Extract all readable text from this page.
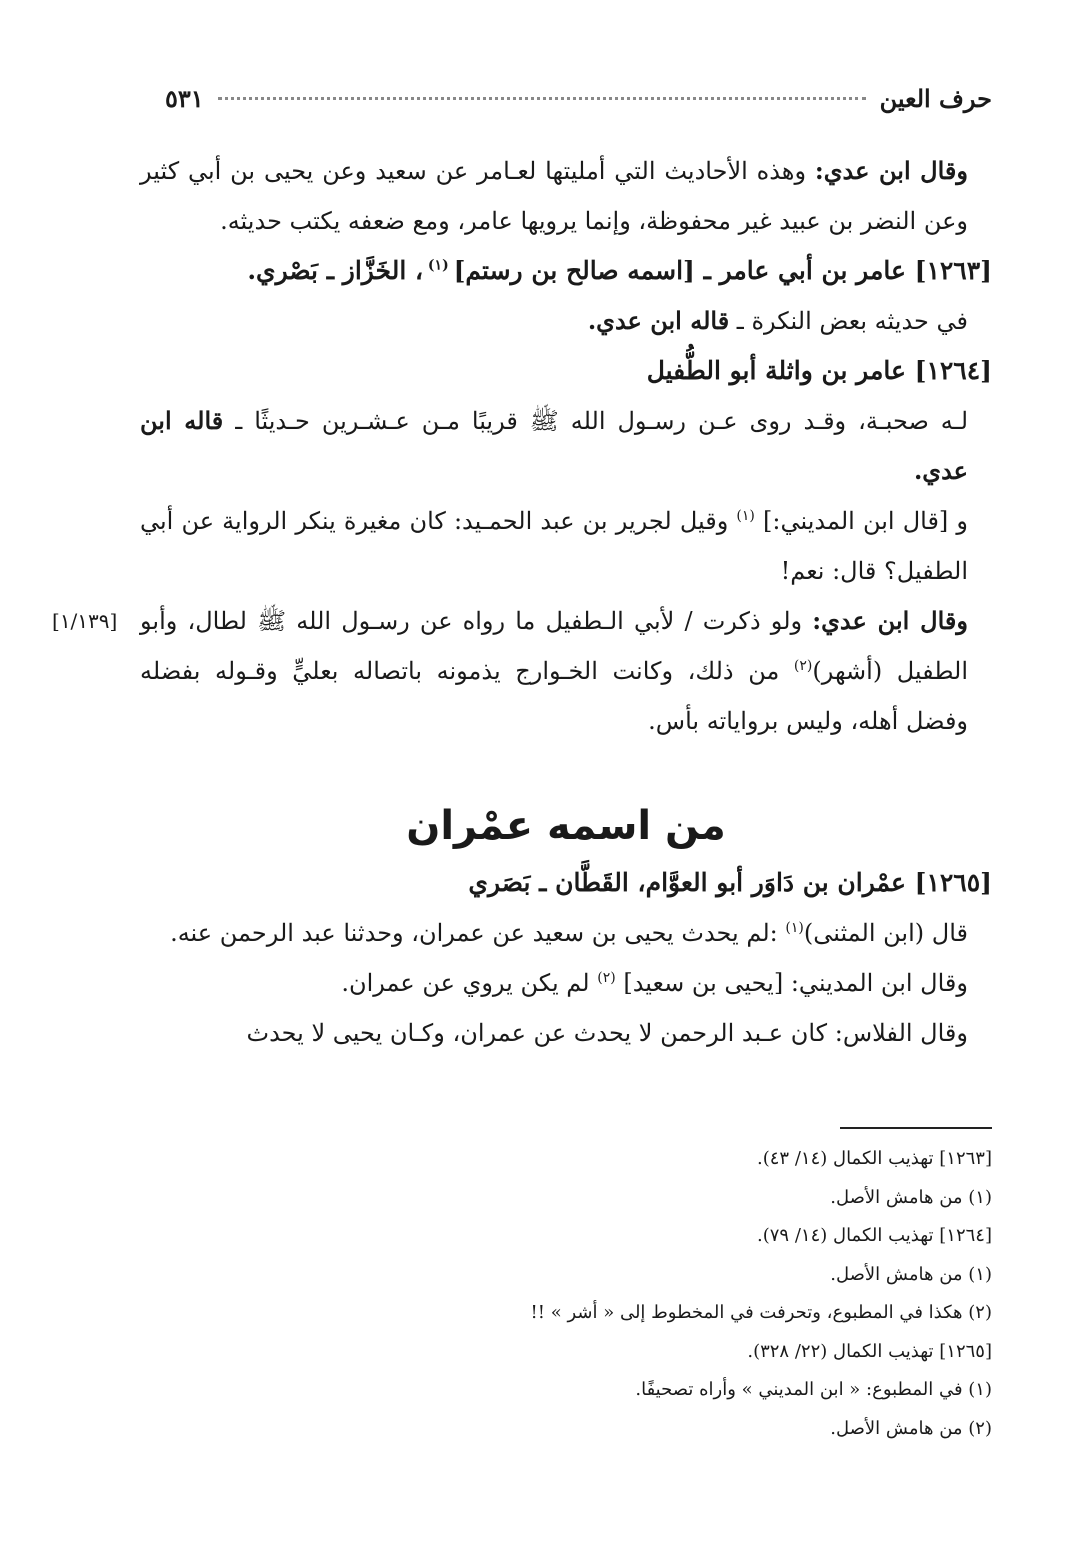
حرف العين
٥٣١

وقال ابن عدي: وهذه الأحاديث التي أمليتها لعـامر عن سعيد وعن يحيى بن أبي كثير وعن النضر بن عبيد غير محفوظة، وإنما يرويها عامر، ومع ضعفه يكتب حديثه.

[١٢٦٣] عامر بن أبي عامر ـ [اسمه صالح بن رستم] $^{(١)}$ ، الخَزَّاز ـ بَصْري.

في حديثه بعض النكرة ـ قاله ابن عدي.

[١٢٦٤] عامر بن واثلة أبو الطُّفيل

لـه صحبـة، وقـد روى عـن رسـول الله ﷺ قريبًا مـن عـشـرين حـديثًا ـ قاله ابن عدي.

و [قال ابن المديني:] $^{(١)}$ وقيل لجرير بن عبد الحمـيد: كان مغيرة ينكر الرواية عن أبي الطفيل؟ قال: نعم!

[١/١٣٩]	وقال ابن عدي: ولو ذكرت / لأبي الـطفيل ما رواه عن رسـول الله ﷺ لطال، وأبو الطفيل (أشهر)$^{(٢)}$ من ذلك، وكانت الخـوارج يذمونه باتصاله بعليٍّ وقـوله بفضله وفضل أهله، وليس برواياته بأس.

من اسمه عمْران

[١٢٦٥] عمْران بن دَاوَر أبو العوَّام، القَطَّان ـ بَصَري

قال (ابن المثنى)$^{(١)}$ :لم يحدث يحيى بن سعيد عن عمران، وحدثنا عبد الرحمن عنه.

وقال ابن المديني: [يحيى بن سعيد] $^{(٢)}$ لم يكن يروي عن عمران.

وقال الفلاس: كان عـبد الرحمن لا يحدث عن عمران، وكـان يحيى لا يحدث

[١٢٦٣] تهذيب الكمال (١٤/ ٤٣).

(١) من هامش الأصل.

[١٢٦٤] تهذيب الكمال (١٤/ ٧٩).

(١) من هامش الأصل.

(٢) هكذا في المطبوع، وتحرفت في المخطوط إلى « أشر » !!

[١٢٦٥] تهذيب الكمال (٢٢/ ٣٢٨).

(١) في المطبوع: « ابن المديني » وأراه تصحيفًا.

(٢) من هامش الأصل.
